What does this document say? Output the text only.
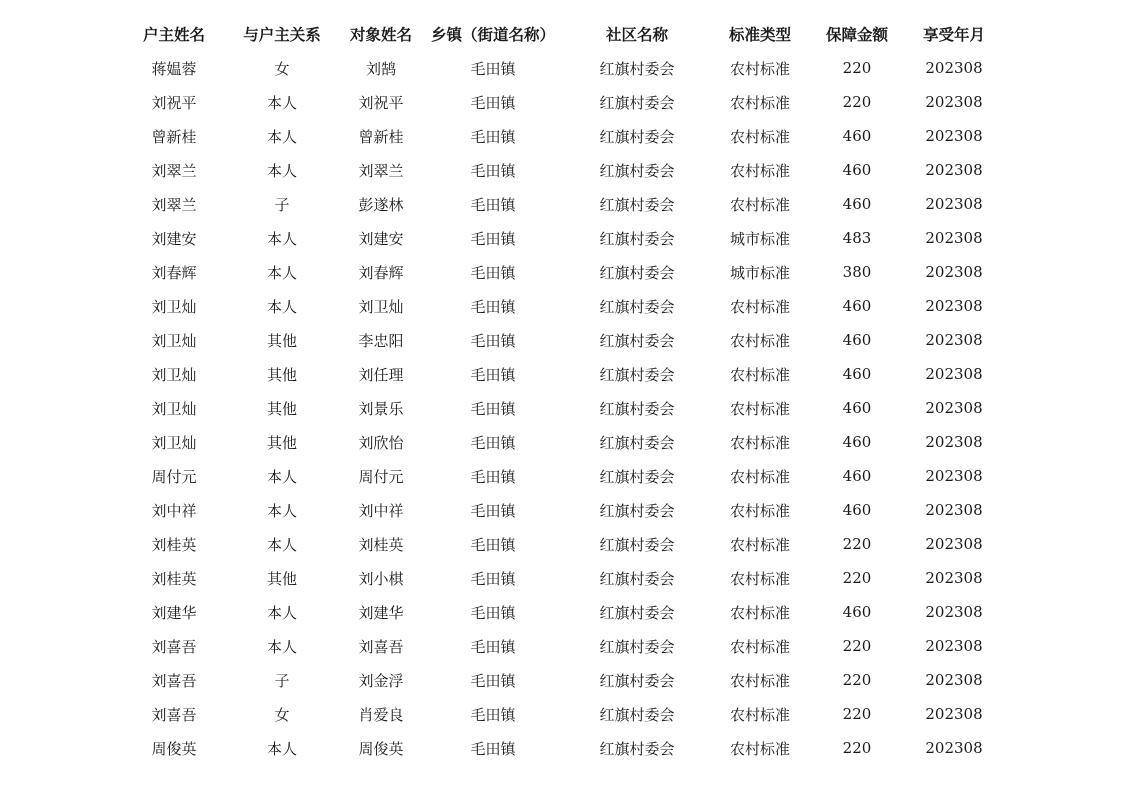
户主姓名	与户主关系	对象姓名	乡镇（街道名称）	社区名称	标准类型	保障金额	享受年月
蒋媪蓉	女	刘鹄	毛田镇	红旗村委会	农村标准	220	202308
刘祝平	本人	刘祝平	毛田镇	红旗村委会	农村标准	220	202308
曾新桂	本人	曾新桂	毛田镇	红旗村委会	农村标准	460	202308
刘翠兰	本人	刘翠兰	毛田镇	红旗村委会	农村标准	460	202308
刘翠兰	子	彭遂林	毛田镇	红旗村委会	农村标准	460	202308
刘建安	本人	刘建安	毛田镇	红旗村委会	城市标准	483	202308
刘春辉	本人	刘春辉	毛田镇	红旗村委会	城市标准	380	202308
刘卫灿	本人	刘卫灿	毛田镇	红旗村委会	农村标准	460	202308
刘卫灿	其他	李忠阳	毛田镇	红旗村委会	农村标准	460	202308
刘卫灿	其他	刘任理	毛田镇	红旗村委会	农村标准	460	202308
刘卫灿	其他	刘景乐	毛田镇	红旗村委会	农村标准	460	202308
刘卫灿	其他	刘欣怡	毛田镇	红旗村委会	农村标准	460	202308
周付元	本人	周付元	毛田镇	红旗村委会	农村标准	460	202308
刘中祥	本人	刘中祥	毛田镇	红旗村委会	农村标准	460	202308
刘桂英	本人	刘桂英	毛田镇	红旗村委会	农村标准	220	202308
刘桂英	其他	刘小棋	毛田镇	红旗村委会	农村标准	220	202308
刘建华	本人	刘建华	毛田镇	红旗村委会	农村标准	460	202308
刘喜吾	本人	刘喜吾	毛田镇	红旗村委会	农村标准	220	202308
刘喜吾	子	刘金浮	毛田镇	红旗村委会	农村标准	220	202308
刘喜吾	女	肖爱良	毛田镇	红旗村委会	农村标准	220	202308
周俊英	本人	周俊英	毛田镇	红旗村委会	农村标准	220	202308
